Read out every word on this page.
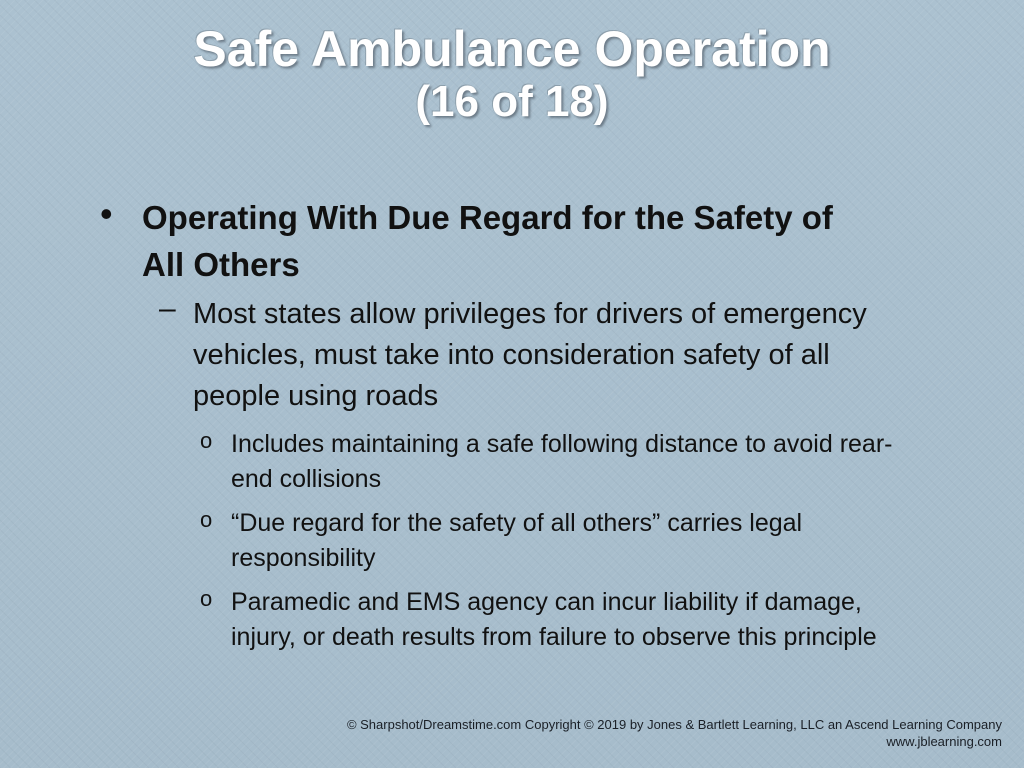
Safe Ambulance Operation
(16 of 18)

• Operating With Due Regard for the Safety of All Others

– Most states allow privileges for drivers of emergency vehicles, must take into consideration safety of all people using roads
o Includes maintaining a safe following distance to avoid rear-end collisions
o “Due regard for the safety of all others” carries legal responsibility
o Paramedic and EMS agency can incur liability if damage, injury, or death results from failure to observe this principle
© Sharpshot/Dreamstime.com Copyright © 2019 by Jones & Bartlett Learning, LLC an Ascend Learning Company
www.jblearning.com
